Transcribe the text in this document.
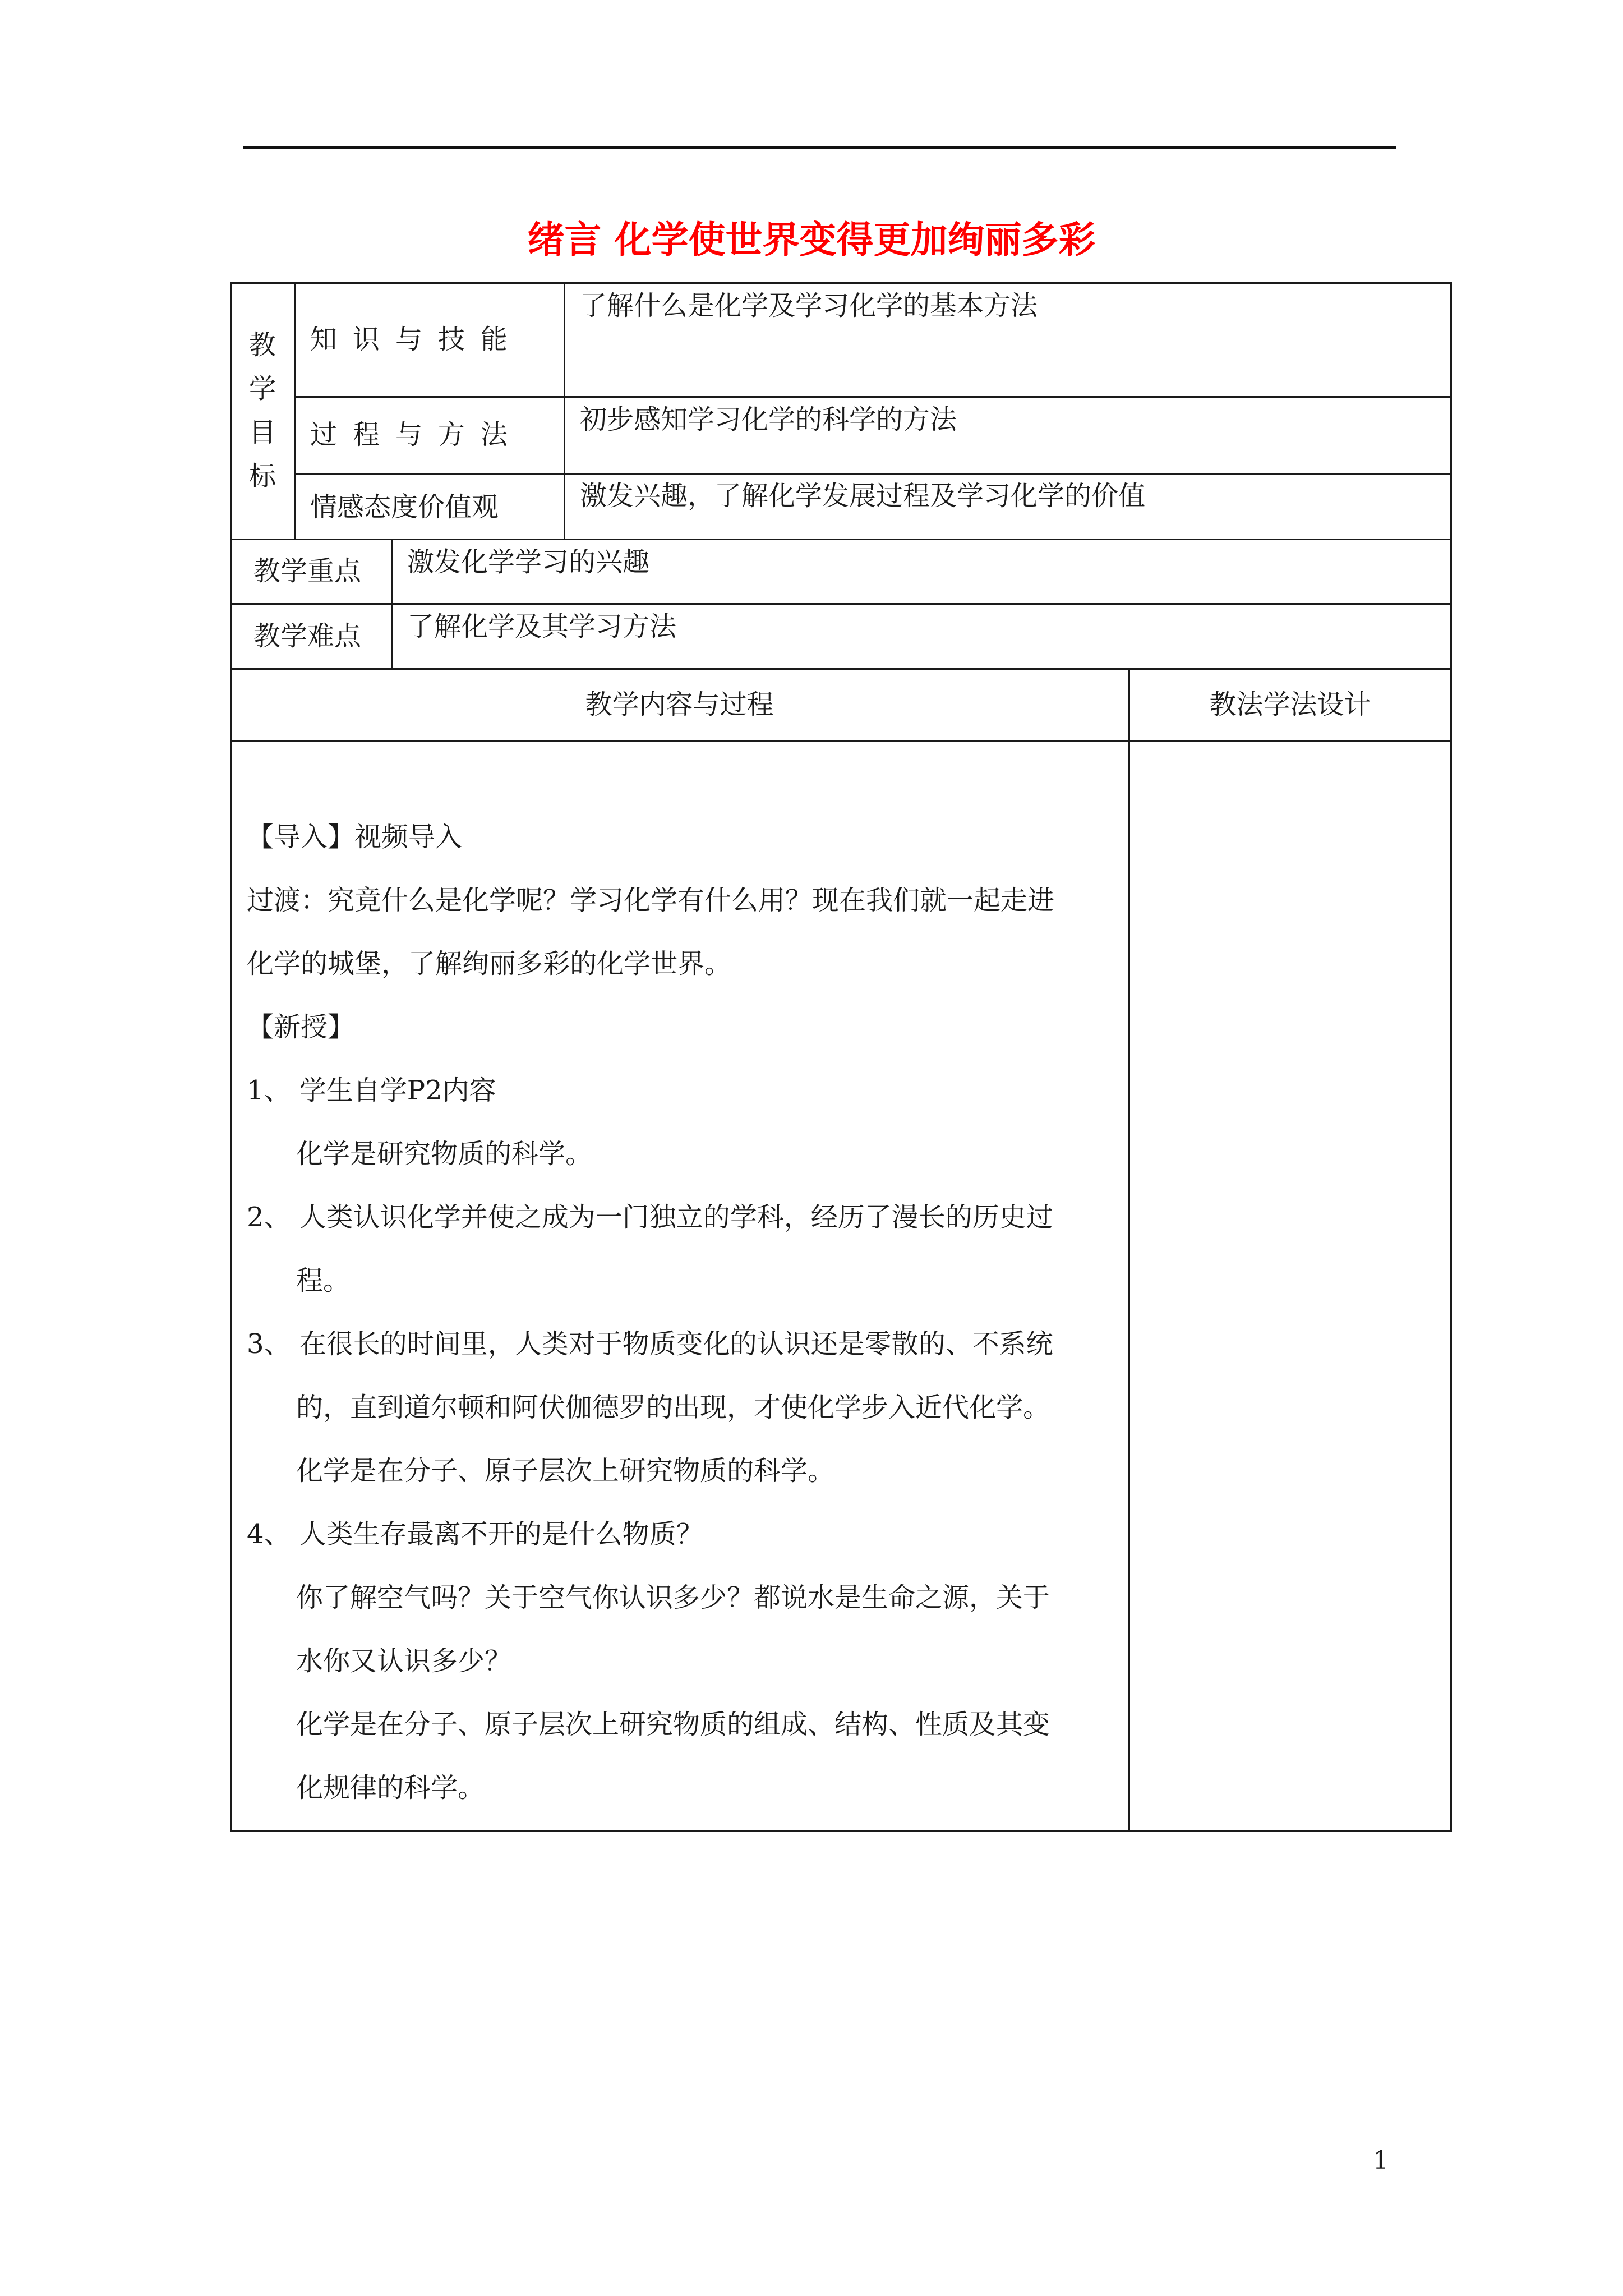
绪言 化学使世界变得更加绚丽多彩
教
学
目
标
知识与技能
了解什么是化学及学习化学的基本方法
过程与方法 初步感知学习化学的科学的方法
情感态度价值观	激发兴趣，了解化学发展过程及学习化学的价值
教学重点 激发化学学习的兴趣
教学难点 了解化学及其学习方法
教学内容与过程	教法学法设计
【导入】视频导入
过渡：究竟什么是化学呢？学习化学有什么用？现在我们就一起走进
化学的城堡，了解绚丽多彩的化学世界。
【新授】
1、 学生自学P2内容
化学是研究物质的科学。
2、 人类认识化学并使之成为一门独立的学科，经历了漫长的历史过
程。
3、 在很长的时间里，人类对于物质变化的认识还是零散的、不系统
的，直到道尔顿和阿伏伽德罗的出现，才使化学步入近代化学。
化学是在分子、原子层次上研究物质的科学。
4、 人类生存最离不开的是什么物质？
你了解空气吗？关于空气你认识多少？都说水是生命之源，关于
水你又认识多少？
化学是在分子、原子层次上研究物质的组成、结构、性质及其变
化规律的科学。
1
